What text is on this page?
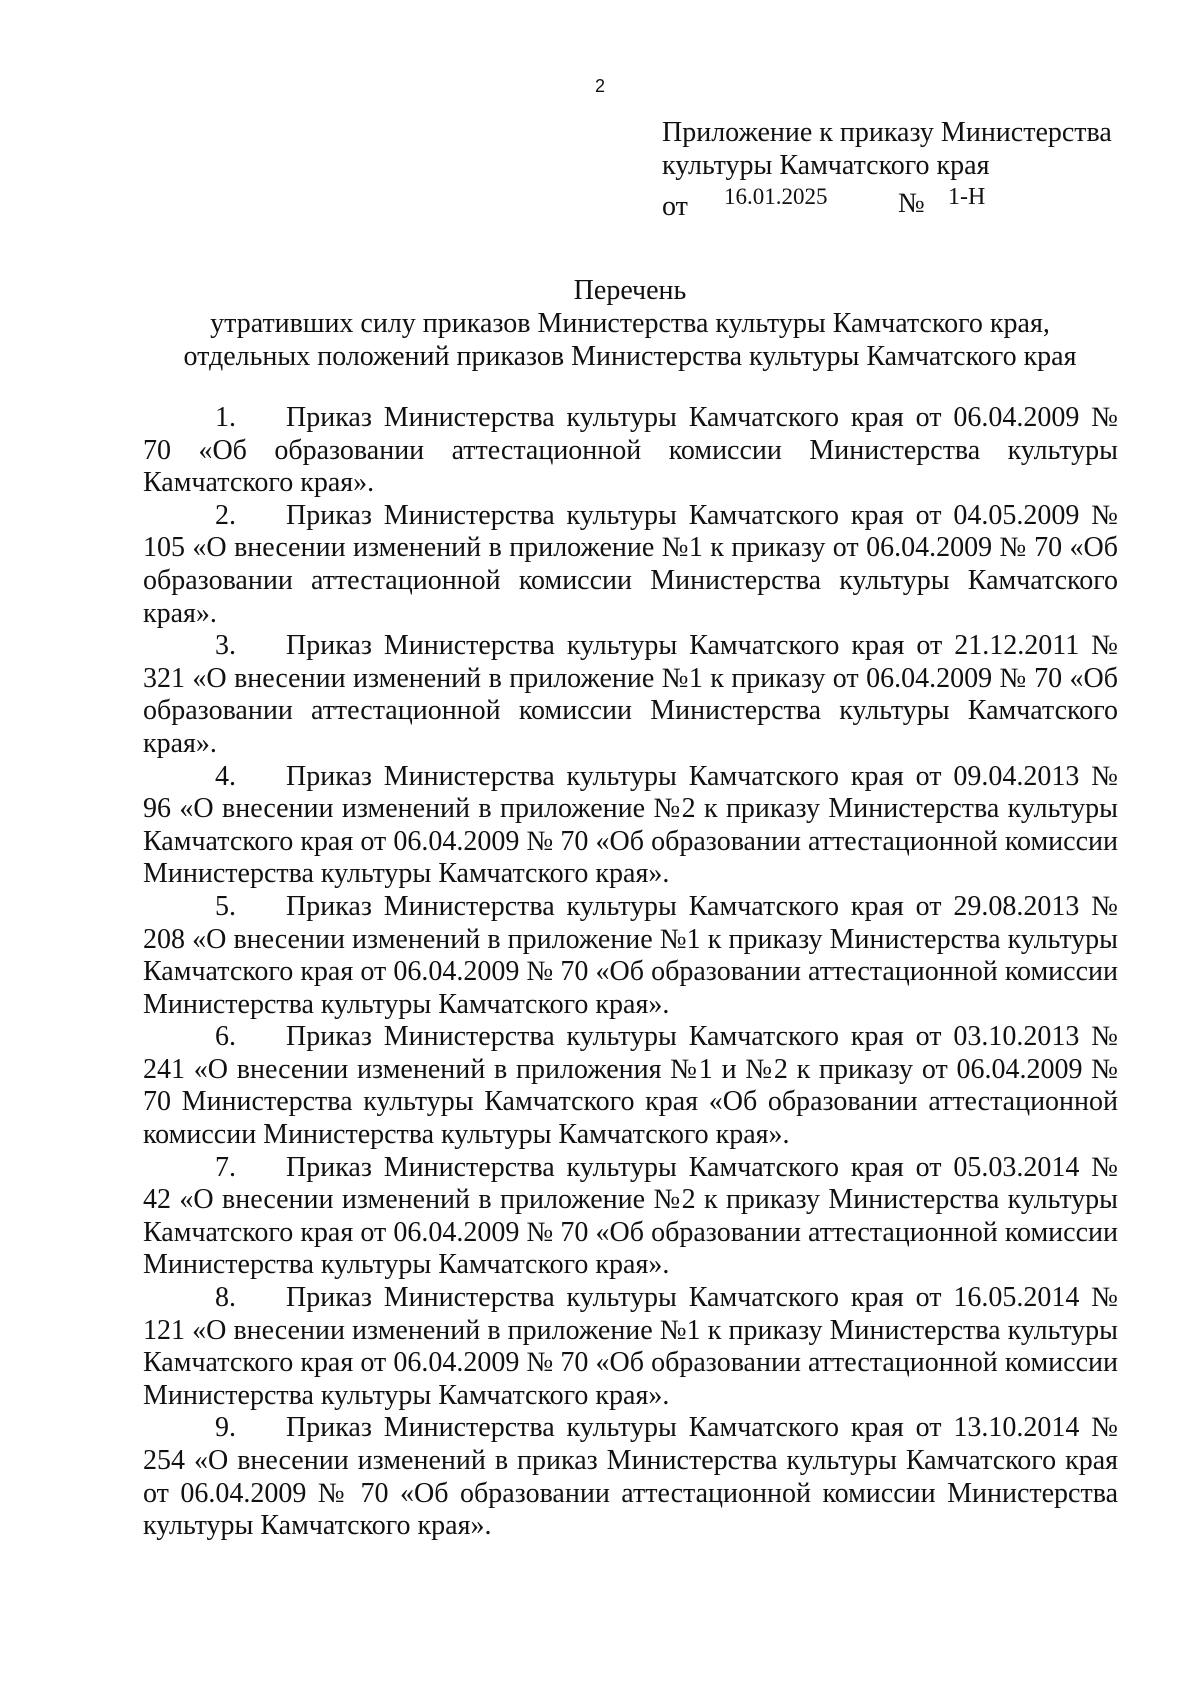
2
Приложение к приказу Министерства
культуры Камчатского края
от 16.01.2025	№ 1-Н
Перечень
утративших силу приказов Министерства культуры Камчатского края,
отдельных положений приказов Министерства культуры Камчатского края

1. Приказ Министерства культуры Камчатского края от 06.04.2009 № 70 «Об образовании аттестационной комиссии Министерства культуры Камчатского края».

2. Приказ Министерства культуры Камчатского края от 04.05.2009 № 105 «О внесении изменений в приложение №1 к приказу от 06.04.2009 № 70 «Об образовании аттестационной комиссии Министерства культуры Камчатского края».

3. Приказ Министерства культуры Камчатского края от 21.12.2011 № 321 «О внесении изменений в приложение №1 к приказу от 06.04.2009 № 70 «Об образовании аттестационной комиссии Министерства культуры Камчатского края».

4. Приказ Министерства культуры Камчатского края от 09.04.2013 № 96 «О внесении изменений в приложение №2 к приказу Министерства культуры Камчатского края от 06.04.2009 № 70 «Об образовании аттестационной комиссии Министерства культуры Камчатского края».

5. Приказ Министерства культуры Камчатского края от 29.08.2013 № 208 «О внесении изменений в приложение №1 к приказу Министерства культуры Камчатского края от 06.04.2009 № 70 «Об образовании аттестационной комиссии Министерства культуры Камчатского края».

6. Приказ Министерства культуры Камчатского края от 03.10.2013 № 241 «О внесении изменений в приложения №1 и №2 к приказу от 06.04.2009 № 70 Министерства культуры Камчатского края «Об образовании аттестационной комиссии Министерства культуры Камчатского края».

7. Приказ Министерства культуры Камчатского края от 05.03.2014 № 42 «О внесении изменений в приложение №2 к приказу Министерства культуры Камчатского края от 06.04.2009 № 70 «Об образовании аттестационной комиссии Министерства культуры Камчатского края».

8. Приказ Министерства культуры Камчатского края от 16.05.2014 № 121 «О внесении изменений в приложение №1 к приказу Министерства культуры Камчатского края от 06.04.2009 № 70 «Об образовании аттестационной комиссии Министерства культуры Камчатского края».

9. Приказ Министерства культуры Камчатского края от 13.10.2014 № 254 «О внесении изменений в приказ Министерства культуры Камчатского края от 06.04.2009 № 70 «Об образовании аттестационной комиссии Министерства культуры Камчатского края».
